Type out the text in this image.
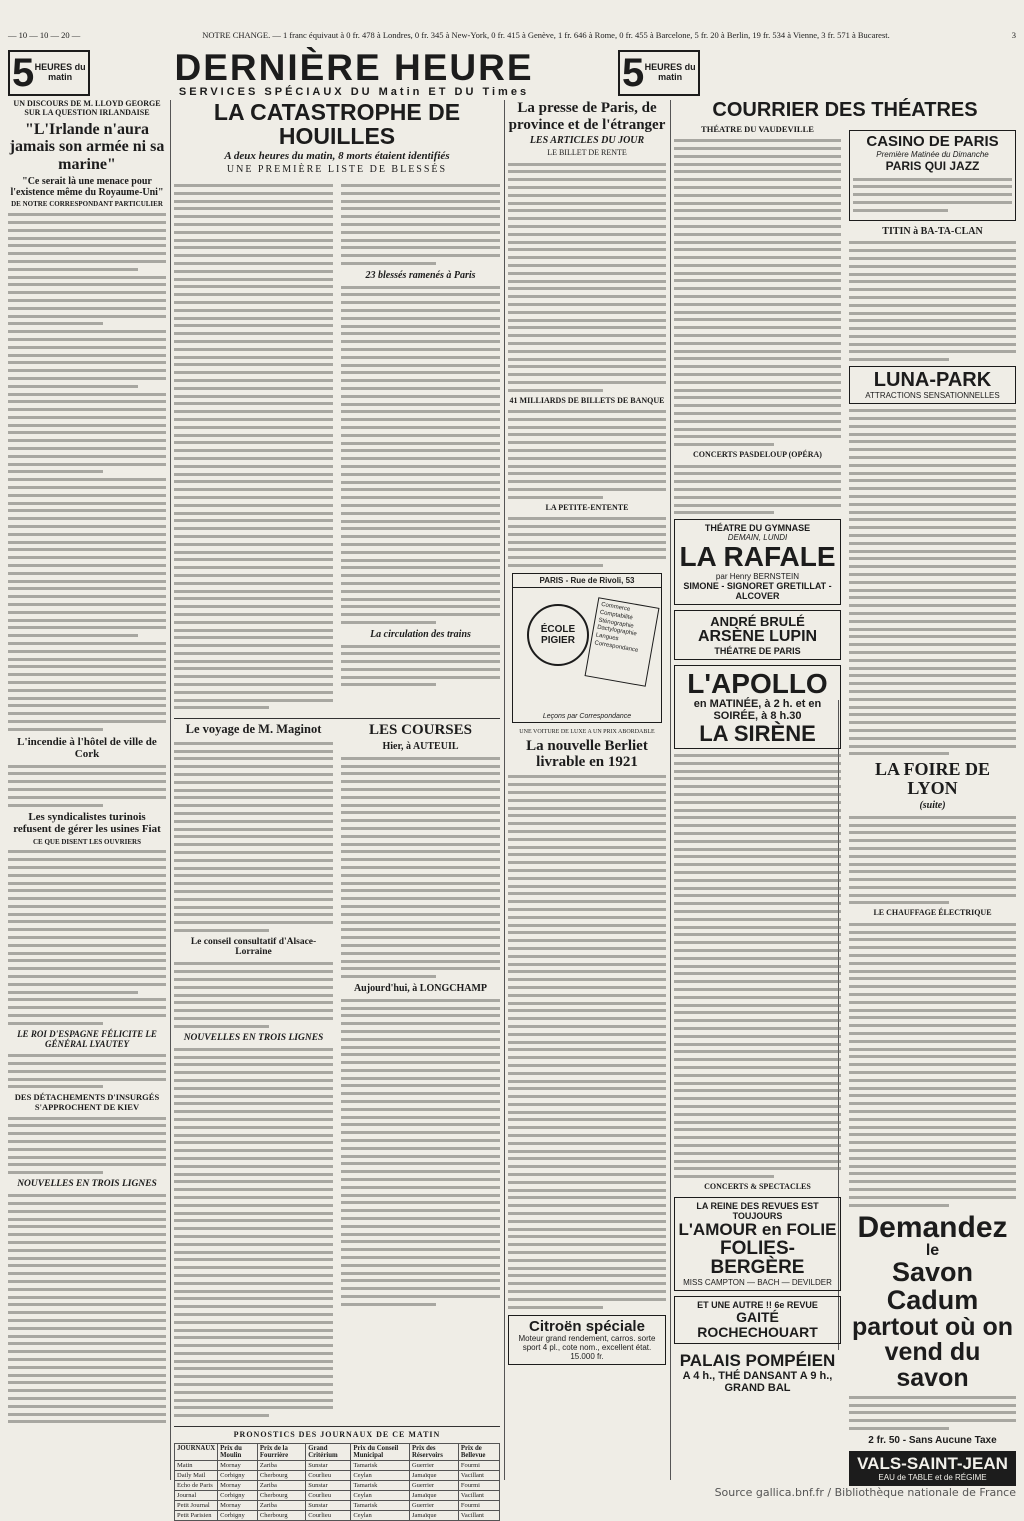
— 10 — 10 — 20 —	NOTRE CHANGE. — 1 franc équivaut à 0 fr. 478 à Londres, 0 fr. 345 à New-York, 0 fr. 415 à Genève, 1 fr. 646 à Rome, 0 fr. 455 à Barcelone, 5 fr. 20 à Berlin, 19 fr. 534 à Vienne, 3 fr. 571 à Bucarest.	3
5 HEURES du matin	DERNIÈRE HEURE
SERVICES SPÉCIAUX DU Matin ET DU Times	5 HEURES du matin
UN DISCOURS DE M. LLOYD GEORGE SUR LA QUESTION IRLANDAISE
"L'Irlande n'aura jamais son armée ni sa marine"
"Ce serait là une menace pour l'existence même du Royaume-Uni"
DE NOTRE CORRESPONDANT PARTICULIER
L'incendie à l'hôtel de ville de Cork
Les syndicalistes turinois refusent de gérer les usines Fiat
CE QUE DISENT LES OUVRIERS
LE ROI D'ESPAGNE FÉLICITE LE GÉNÉRAL LYAUTEY
DES DÉTACHEMENTS D'INSURGÉS S'APPROCHENT DE KIEV
NOUVELLES EN TROIS LIGNES
LA CATASTROPHE DE HOUILLES
A deux heures du matin, 8 morts étaient identifiés
UNE PREMIÈRE LISTE DE BLESSÉS
23 blessés ramenés à Paris
La circulation des trains
Le voyage de M. Maginot
Le conseil consultatif d'Alsace-Lorraine
NOUVELLES EN TROIS LIGNES
LES COURSES
Hier, à AUTEUIL
Aujourd'hui, à LONGCHAMP
PRONOSTICS DES JOURNAUX DE CE MATIN
JOURNAUX	Prix du Moulin	Prix de la Fourrière	Grand Critérium	Prix du Conseil Municipal	Prix des Réservoirs	Prix de Bellevue
Matin	Mornay	Zariba	Sunstar	Tamarisk	Guerrier	Fourmi
Daily Mail	Corbigny	Cherbourg	Courlieu	Ceylan	Jamaïque	Vacillant
Echo de Paris	Mornay	Zariba	Sunstar	Tamarisk	Guerrier	Fourmi
Journal	Corbigny	Cherbourg	Courlieu	Ceylan	Jamaïque	Vacillant
Petit Journal	Mornay	Zariba	Sunstar	Tamarisk	Guerrier	Fourmi
Petit Parisien	Corbigny	Cherbourg	Courlieu	Ceylan	Jamaïque	Vacillant
La presse de Paris, de province et de l'étranger
LES ARTICLES DU JOUR
LE BILLET DE RENTE
41 MILLIARDS DE BILLETS DE BANQUE
LA PETITE-ENTENTE
PARIS - Rue de Rivoli, 53
ÉCOLE PIGIER
Commerce Comptabilité Sténographie Dactylographie Langues Correspondance
Leçons par Correspondance
UNE VOITURE DE LUXE A UN PRIX ABORDABLE
La nouvelle Berliet livrable en 1921
Citroën spéciale
Moteur grand rendement, carros. sorte sport 4 pl., cote nom., excellent état. 15.000 fr.
COURRIER DES THÉATRES
THÉATRE DU VAUDEVILLE
CONCERTS PASDELOUP (OPÉRA)
THÉATRE DU GYMNASE
DEMAIN, LUNDI
LA RAFALE
par Henry BERNSTEIN
SIMONE - SIGNORET GRETILLAT - ALCOVER
ANDRÉ BRULÉ
ARSÈNE LUPIN
THÉATRE DE PARIS
L'APOLLO
en MATINÉE, à 2 h. et en SOIRÉE, à 8 h.30
LA SIRÈNE
CONCERTS & SPECTACLES
LA REINE DES REVUES EST TOUJOURS
L'AMOUR en FOLIE
FOLIES-BERGÈRE
MISS CAMPTON — BACH — DEVILDER
ET UNE AUTRE !! 6e REVUE
GAITÉ ROCHECHOUART
PALAIS POMPÉIEN
A 4 h., THÉ DANSANT A 9 h., GRAND BAL
CASINO DE PARIS
Première Matinée du Dimanche
PARIS QUI JAZZ
TITIN à BA-TA-CLAN
LUNA-PARK
ATTRACTIONS SENSATIONNELLES
LA FOIRE DE LYON
(suite)
LE CHAUFFAGE ÉLECTRIQUE
Demandez
le
Savon Cadum
partout où on
vend du savon
2 fr. 50 - Sans Aucune Taxe
VALS-SAINT-JEAN
EAU de TABLE et de RÉGIME
Source gallica.bnf.fr / Bibliothèque nationale de France
